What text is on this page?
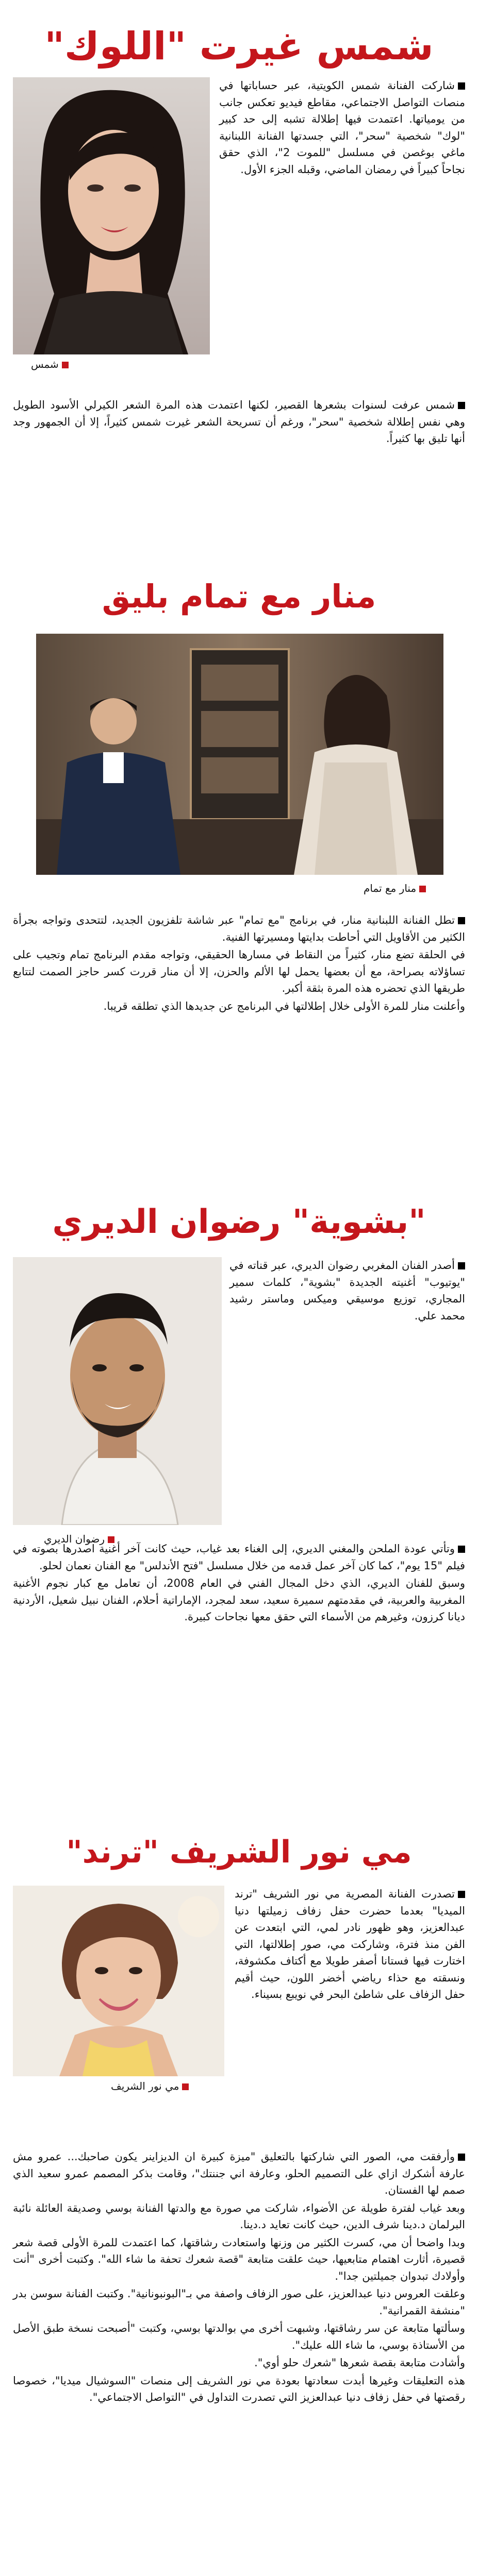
شمس غيرت "اللوك"
شمس

شاركت الفنانة شمس الكويتية، عبر حساباتها في منصات التواصل الاجتماعي، مقاطع فيديو تعكس جانب من يومياتها. اعتمدت فيها إطلالة تشبه إلى حد كبير "لوك" شخصية "سحر"، التي جسدتها الفنانة اللبنانية ماغي بوغصن في مسلسل "للموت 2"، الذي حقق نجاحاً كبيراً في رمضان الماضي، وقبله الجزء الأول.

شمس عرفت لسنوات بشعرها القصير، لكنها اعتمدت هذه المرة الشعر الكيرلي الأسود الطويل وهي نفس إطلالة شخصية "سحر"، ورغم أن تسريحة الشعر غيرت شمس كثيراً، إلا أن الجمهور وجد أنها تليق بها كثيراً.

منار مع تمام بليق
منار مع تمام

تطل الفنانة اللبنانية منار، في برنامج "مع تمام" عبر شاشة تلفزيون الجديد، لتتحدى وتواجه بجرأة الكثير من الأقاويل التي أحاطت بدايتها ومسيرتها الفنية.

في الحلقة تضع منار، كثيراً من النقاط في مسارها الحقيقي، وتواجه مقدم البرنامج تمام وتجيب على تساؤلاته بصراحة، مع أن بعضها يحمل لها الألم والحزن، إلا أن منار قررت كسر حاجز الصمت لتتابع طريقها الذي تحضره هذه المرة بثقة أكبر.

وأعلنت منار للمرة الأولى خلال إطلالتها في البرنامج عن جديدها الذي تطلقه قريبا.

"بشوية" رضوان الديري
رضوان الديري

أصدر الفنان المغربي رضوان الديري، عبر قناته في "يوتيوب" أغنيته الجديدة "بشوية"، كلمات سمير المجاري، توزيع موسيقي وميكس وماستر رشيد محمد علي.

وتأتي عودة الملحن والمغني الديري، إلى الغناء بعد غياب، حيث كانت آخر أغنية اصدرها بصوته في فيلم "15 يوم"، كما كان آخر عمل قدمه من خلال مسلسل "فتح الأندلس" مع الفنان نعمان لحلو.

وسبق للفنان الديري، الذي دخل المجال الفني في العام 2008، أن تعامل مع كبار نجوم الأغنية المغربية والعربية، في مقدمتهم سميرة سعيد، سعد لمجرد، الإماراتية أحلام، الفنان نبيل شعيل، الأردنية ديانا كرزون، وغيرهم من الأسماء التي حقق معها نجاحات كبيرة.

مي نور الشريف "ترند"
مي نور الشريف

تصدرت الفنانة المصرية مي نور الشريف "ترند الميديا" بعدما حضرت حفل زفاف زميلتها دنيا عبدالعزيز، وهو ظهور نادر لمي، التي ابتعدت عن الفن منذ فترة، وشاركت مي، صور إطلالتها، التي اختارت فيها فستانا أصفر طويلا مع أكتاف مكشوفة، ونسقته مع حذاء رياضي أخضر اللون، حيث أقيم حفل الزفاف على شاطئ البحر في نويبع بسيناء.

وأرفقت مي، الصور التي شاركتها بالتعليق "ميزة كبيرة ان الديزاينر يكون صاحبك... عمرو مش عارفة أشكرك ازاي على التصميم الحلو، وعارفة اني جننتك"، وقامت بذكر المصمم عمرو سعيد الذي صمم لها الفستان.

وبعد غياب لفترة طويلة عن الأضواء، شاركت مي صورة مع والدتها الفنانة بوسي وصديقة العائلة نائبة البرلمان د.دينا شرف الدين، حيث كانت تعايد د.دينا.

وبدا واضحا أن مي، كسرت الكثير من وزنها واستعادت رشاقتها، كما اعتمدت للمرة الأولى قصة شعر قصيرة، أثارت اهتمام متابعيها، حيث علقت متابعة "قصة شعرك تحفة ما شاء الله". وكتبت أخرى "أنت وأولادك تبدوان جميلتين جدا".

وعلقت العروس دنيا عبدالعزيز، على صور الزفاف واصفة مي بـ"البونبونانية". وكتبت الفنانة سوسن بدر "منشفة القمرانية".

وسألتها متابعة عن سر رشاقتها، وشبهت أخرى مي بوالدتها بوسي، وكتبت "أصبحت نسخة طبق الأصل من الأستاذة بوسي، ما شاء الله عليك".

وأشادت متابعة بقصة شعرها "شعرك حلو أوي".

هذه التعليقات وغيرها أبدت سعادتها بعودة مي نور الشريف إلى منصات "السوشيال ميديا"، خصوصا رقصتها في حفل زفاف دنيا عبدالعزيز التي تصدرت التداول في "التواصل الاجتماعي".
